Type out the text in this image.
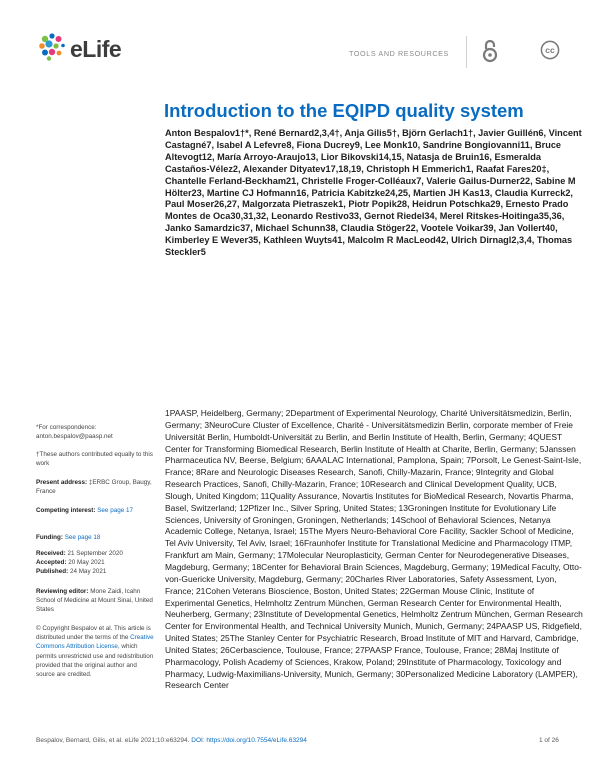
eLife	TOOLS AND RESOURCES	cc
Introduction to the EQIPD quality system
Anton Bespalov1†*, René Bernard2,3,4†, Anja Gilis5†, Björn Gerlach1†, Javier Guillén6, Vincent Castagné7, Isabel A Lefevre8, Fiona Ducrey9, Lee Monk10, Sandrine Bongiovanni11, Bruce Altevogt12, María Arroyo-Araujo13, Lior Bikovski14,15, Natasja de Bruin16, Esmeralda Castaños-Vélez2, Alexander Dityatev17,18,19, Christoph H Emmerich1, Raafat Fares20‡, Chantelle Ferland-Beckham21, Christelle Froger-Colléaux7, Valerie Gailus-Durner22, Sabine M Hölter23, Martine CJ Hofmann16, Patricia Kabitzke24,25, Martien JH Kas13, Claudia Kurreck2, Paul Moser26,27, Malgorzata Pietraszek1, Piotr Popik28, Heidrun Potschka29, Ernesto Prado Montes de Oca30,31,32, Leonardo Restivo33, Gernot Riedel34, Merel Ritskes-Hoitinga35,36, Janko Samardzic37, Michael Schunn38, Claudia Stöger22, Vootele Voikar39, Jan Vollert40, Kimberley E Wever35, Kathleen Wuyts41, Malcolm R MacLeod42, Ulrich Dirnagl2,3,4, Thomas Steckler5
1PAASP, Heidelberg, Germany; 2Department of Experimental Neurology, Charité Universitätsmedizin, Berlin, Germany; 3NeuroCure Cluster of Excellence, Charité - Universitätsmedizin Berlin, corporate member of Freie Universität Berlin, Humboldt-Universität zu Berlin, and Berlin Institute of Health, Berlin, Germany; 4QUEST Center for Transforming Biomedical Research, Berlin Institute of Health at Charite, Berlin, Germany; 5Janssen Pharmaceutica NV, Beerse, Belgium; 6AAALAC International, Pamplona, Spain; 7Porsolt, Le Genest-Saint-Isle, France; 8Rare and Neurologic Diseases Research, Sanofi, Chilly-Mazarin, France; 9Integrity and Global Research Practices, Sanofi, Chilly-Mazarin, France; 10Research and Clinical Development Quality, UCB, Slough, United Kingdom; 11Quality Assurance, Novartis Institutes for BioMedical Research, Novartis Pharma, Basel, Switzerland; 12Pfizer Inc., Silver Spring, United States; 13Groningen Institute for Evolutionary Life Sciences, University of Groningen, Groningen, Netherlands; 14School of Behavioral Sciences, Netanya Academic College, Netanya, Israel; 15The Myers Neuro-Behavioral Core Facility, Sackler School of Medicine, Tel Aviv University, Tel Aviv, Israel; 16Fraunhofer Institute for Translational Medicine and Pharmacology ITMP, Frankfurt am Main, Germany; 17Molecular Neuroplasticity, German Center for Neurodegenerative Diseases, Magdeburg, Germany; 18Center for Behavioral Brain Sciences, Magdeburg, Germany; 19Medical Faculty, Otto-von-Guericke University, Magdeburg, Germany; 20Charles River Laboratories, Safety Assessment, Lyon, France; 21Cohen Veterans Bioscience, Boston, United States; 22German Mouse Clinic, Institute of Experimental Genetics, Helmholtz Zentrum München, German Research Center for Environmental Health, Neuherberg, Germany; 23Institute of Developmental Genetics, Helmholtz Zentrum München, German Research Center for Environmental Health, and Technical University Munich, Munich, Germany; 24PAASP US, Ridgefield, United States; 25The Stanley Center for Psychiatric Research, Broad Institute of MIT and Harvard, Cambridge, United States; 26Cerbascience, Toulouse, France; 27PAASP France, Toulouse, France; 28Maj Institute of Pharmacology, Polish Academy of Sciences, Krakow, Poland; 29Institute of Pharmacology, Toxicology and Pharmacy, Ludwig-Maximilians-University, Munich, Germany; 30Personalized Medicine Laboratory (LAMPER), Research Center
*For correspondence:
anton.bespalov@paasp.net
†These authors contributed equally to this work
Present address: ‡ERBC Group, Baugy, France
Competing interest: See page 17
Funding: See page 18
Received: 21 September 2020
Accepted: 20 May 2021
Published: 24 May 2021
Reviewing editor: Mone Zaidi, Icahn School of Medicine at Mount Sinai, United States
© Copyright Bespalov et al. This article is distributed under the terms of the Creative Commons Attribution License, which permits unrestricted use and redistribution provided that the original author and source are credited.
Bespalov, Bernard, Gilis, et al. eLife 2021;10:e63294. DOI: https://doi.org/10.7554/eLife.63294	1 of 26
